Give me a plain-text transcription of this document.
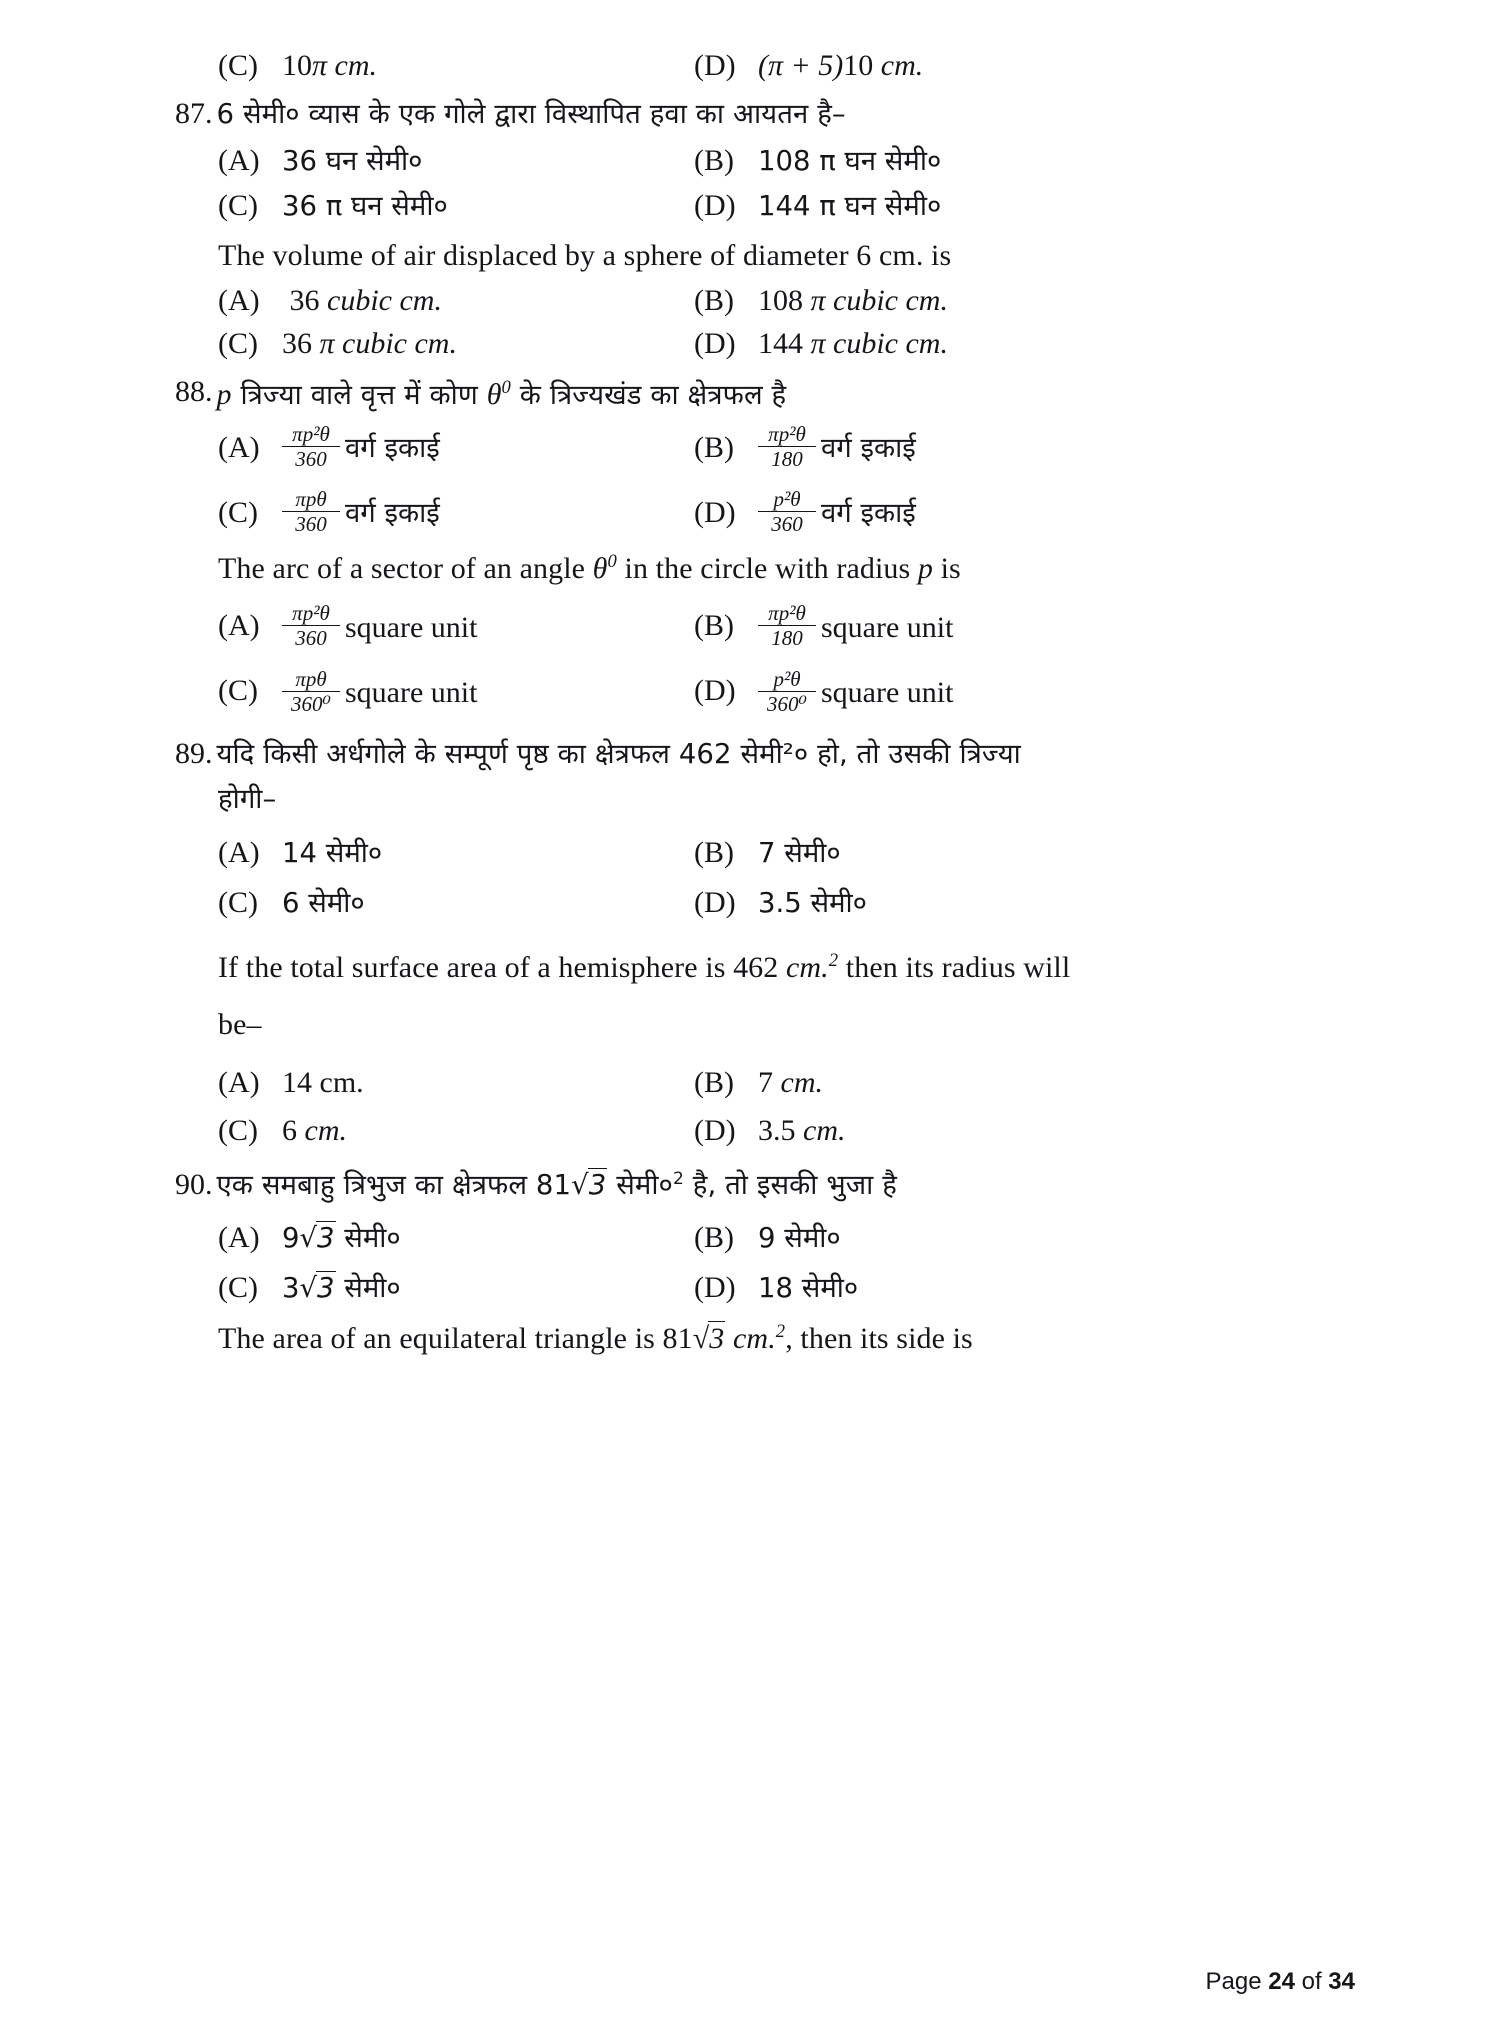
(C) 10π cm.	(D) (π + 5)10 cm.
87. 6 सेमी० व्यास के एक गोले द्वारा विस्थापित हवा का आयतन है–
(A) 36 घन सेमी०	(B) 108 π घन सेमी०
(C) 36 π घन सेमी०	(D) 144 π घन सेमी०
The volume of air displaced by a sphere of diameter 6 cm. is
(A) 36 cubic cm.	(B) 108 π cubic cm.
(C) 36 π cubic cm.	(D) 144 π cubic cm.
88. p त्रिज्या वाले वृत्त में कोण $\theta^0$ के त्रिज्यखंड का क्षेत्रफल है
(A)	$\frac{\text{πp²θ}}{360}$ वर्ग इकाई	(B)	$\frac{\text{πp²θ}}{180}$ वर्ग इकाई
(C)	$\frac{\text{πpθ}}{360}$ वर्ग इकाई	(D)	$\frac{\text{p²θ}}{360}$ वर्ग इकाई
The arc of a sector of an angle $\theta^0$ in the circle with radius p is
(A)	$\frac{\text{πp²θ}}{360}$ square unit	(B)	$\frac{\text{πp²θ}}{180}$ square unit
(C)	$\frac{\text{πpθ}}{\text{360⁰}}$ square unit	(D)	$\frac{\text{p²θ}}{\text{360⁰}}$ square unit
89. यदि किसी अर्धगोले के सम्पूर्ण पृष्ठ का क्षेत्रफल 462 सेमी²० हो, तो उसकी त्रिज्या
होगी–
(A) 14 सेमी०	(B) 7 सेमी०
(C) 6 सेमी०	(D) 3.5 सेमी०
If the total surface area of a hemisphere is 462 cm.$^2$ then its radius will
be–
(A) 14 cm.	(B) 7 cm.
(C) 6 cm.	(D) 3.5 cm.
90. एक समबाहु त्रिभुज का क्षेत्रफल 81√3 $सेमी०^2$ है, तो इसकी भुजा है
(A) 9√3 सेमी०	(B) 9 सेमी०
(C) 3√3 सेमी०	(D) 18 सेमी०
The area of an equilateral triangle is 81√3 cm.$^2$, then its side is
Page 24 of 34
